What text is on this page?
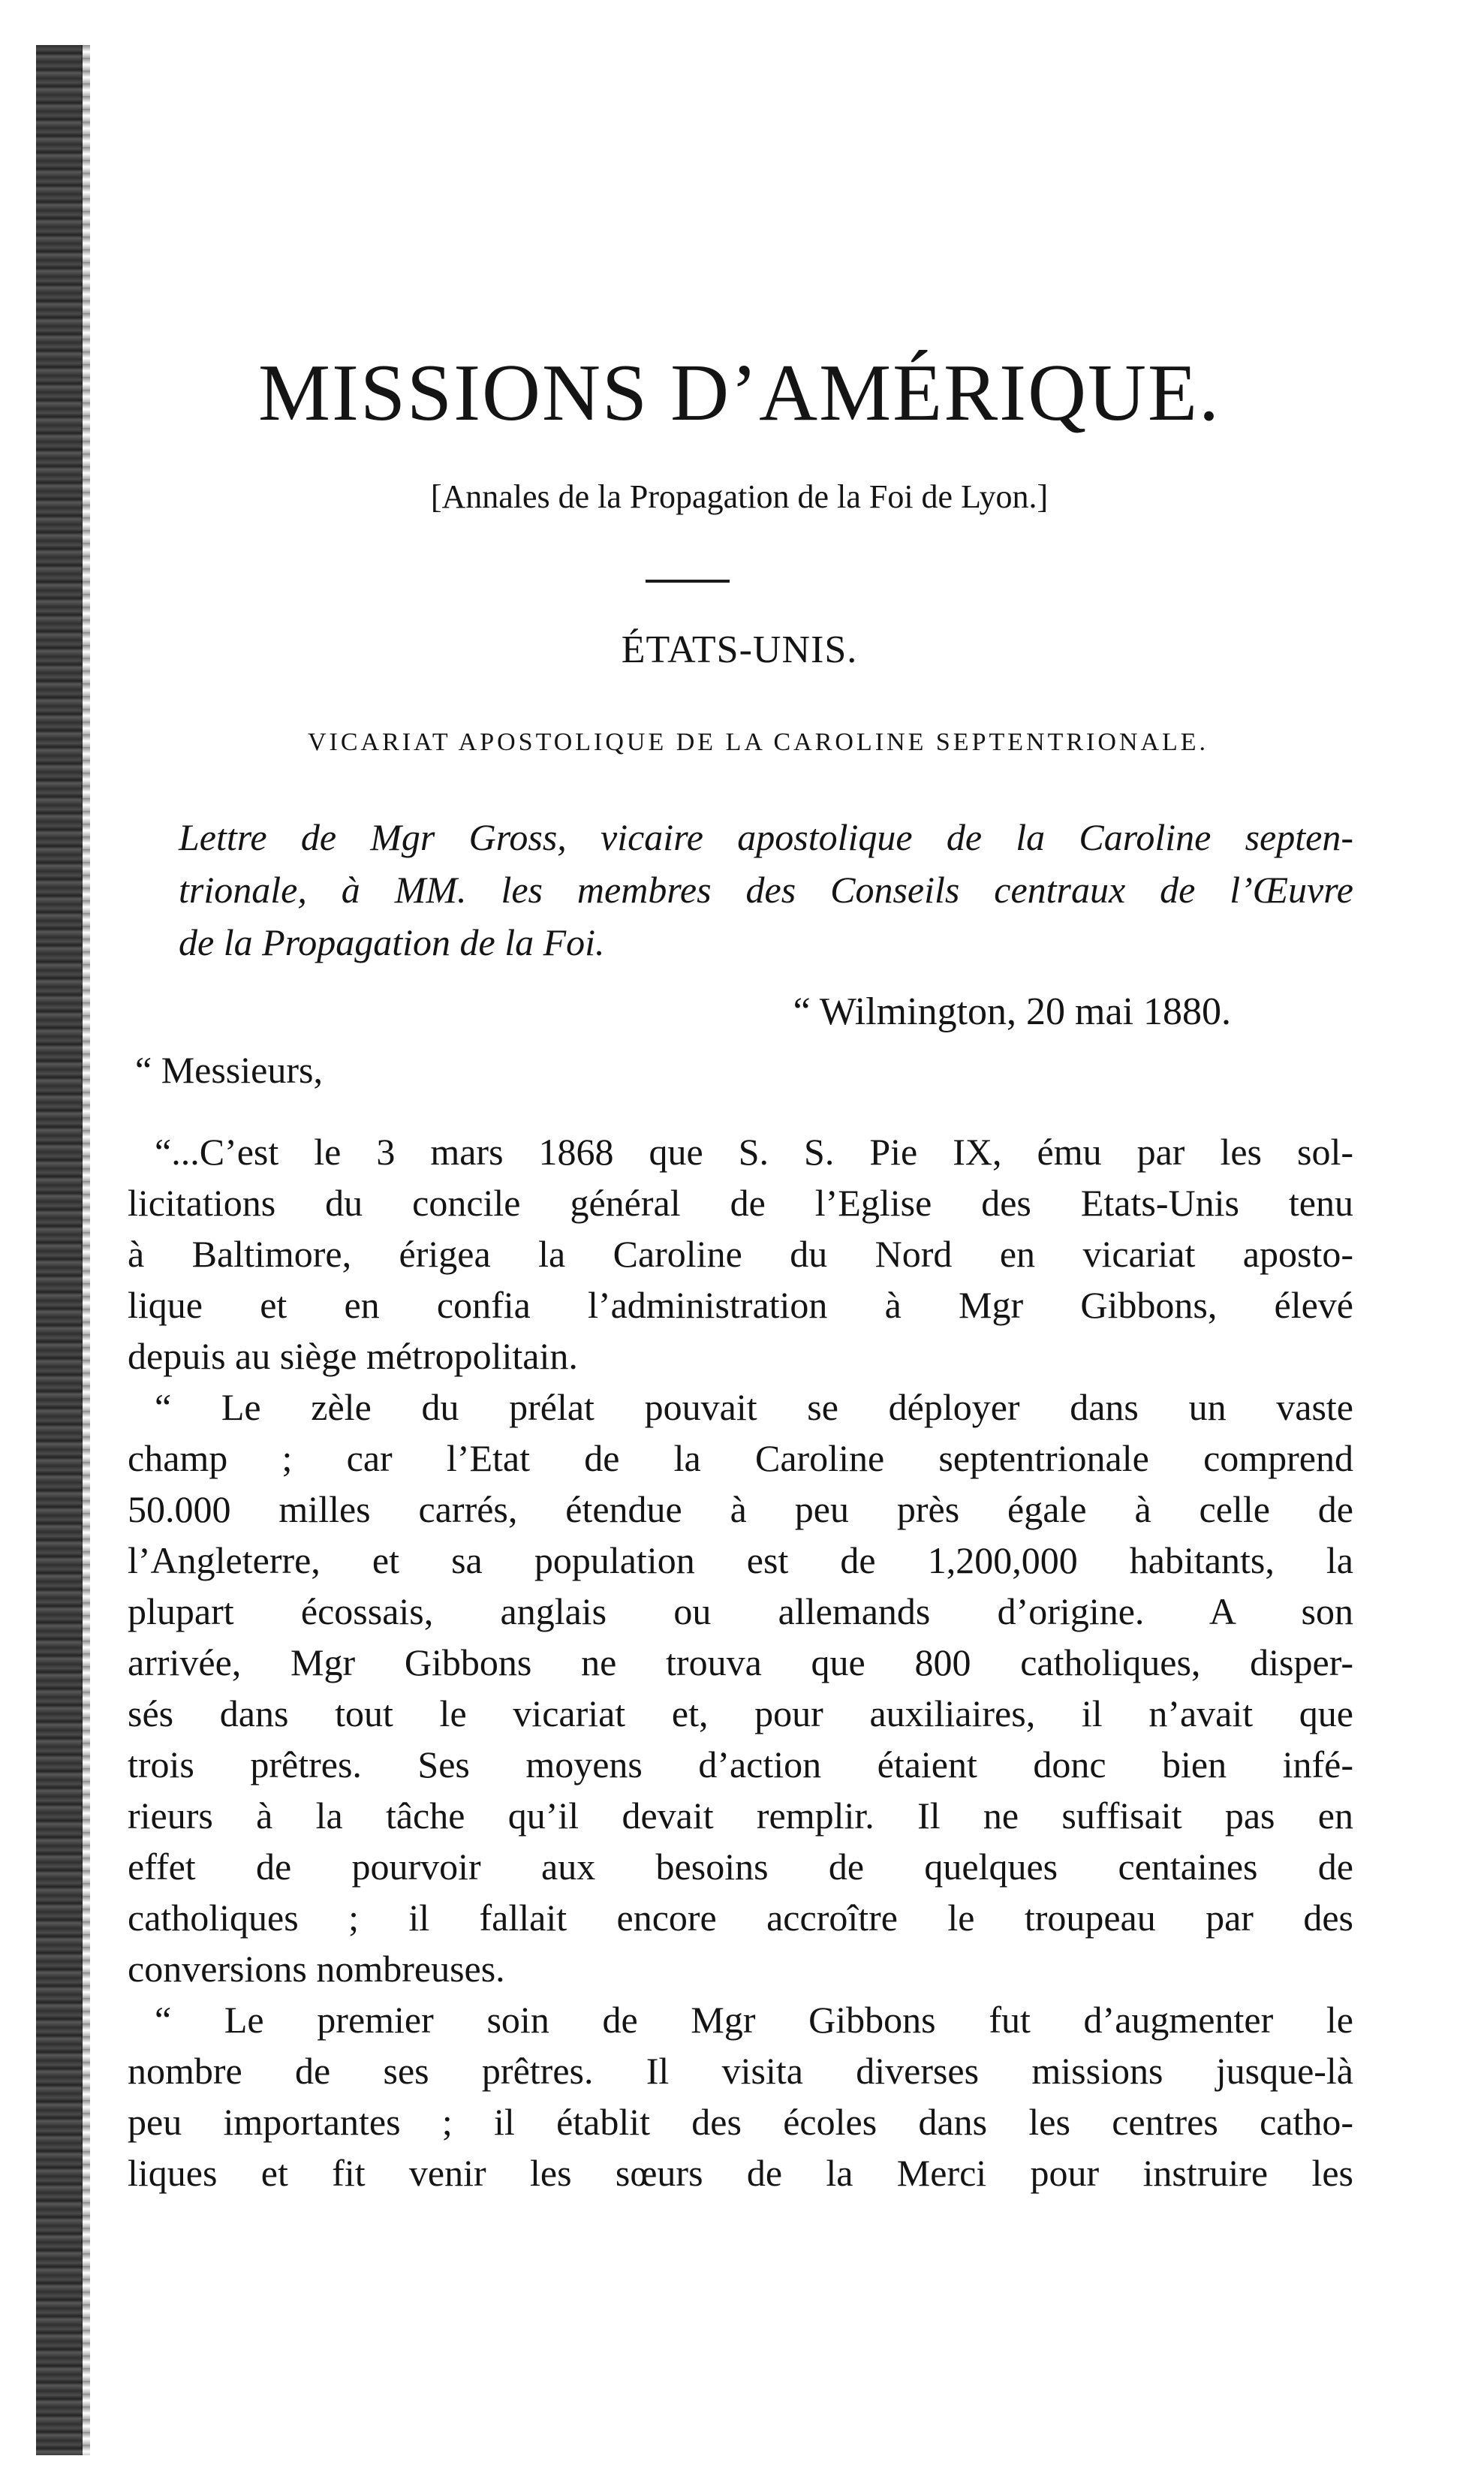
MISSIONS D’AMÉRIQUE.
[Annales de la Propagation de la Foi de Lyon.]
ÉTATS-UNIS.
VICARIAT APOSTOLIQUE DE LA CAROLINE SEPTENTRIONALE.

Lettre de Mgr Gross, vicaire apostolique de la Caroline septen-
trionale, à MM. les membres des Conseils centraux de l’Œuvre
de la Propagation de la Foi.

“ Wilmington, 20 mai 1880.
“ Messieurs,

“...C’est le 3 mars 1868 que S. S. Pie IX, ému par les sol-
licitations du concile général de l’Eglise des Etats-Unis tenu
à Baltimore, érigea la Caroline du Nord en vicariat aposto-
lique et en confia l’administration à Mgr Gibbons, élevé
depuis au siège métropolitain.

“ Le zèle du prélat pouvait se déployer dans un vaste
champ ; car l’Etat de la Caroline septentrionale comprend
50.000 milles carrés, étendue à peu près égale à celle de
l’Angleterre, et sa population est de 1,200,000 habitants, la
plupart écossais, anglais ou allemands d’origine. A son
arrivée, Mgr Gibbons ne trouva que 800 catholiques, disper-
sés dans tout le vicariat et, pour auxiliaires, il n’avait que
trois prêtres. Ses moyens d’action étaient donc bien infé-
rieurs à la tâche qu’il devait remplir. Il ne suffisait pas en
effet de pourvoir aux besoins de quelques centaines de
catholiques ; il fallait encore accroître le troupeau par des
conversions nombreuses.

“ Le premier soin de Mgr Gibbons fut d’augmenter le
nombre de ses prêtres. Il visita diverses missions jusque-là
peu importantes ; il établit des écoles dans les centres catho-
liques et fit venir les sœurs de la Merci pour instruire les
